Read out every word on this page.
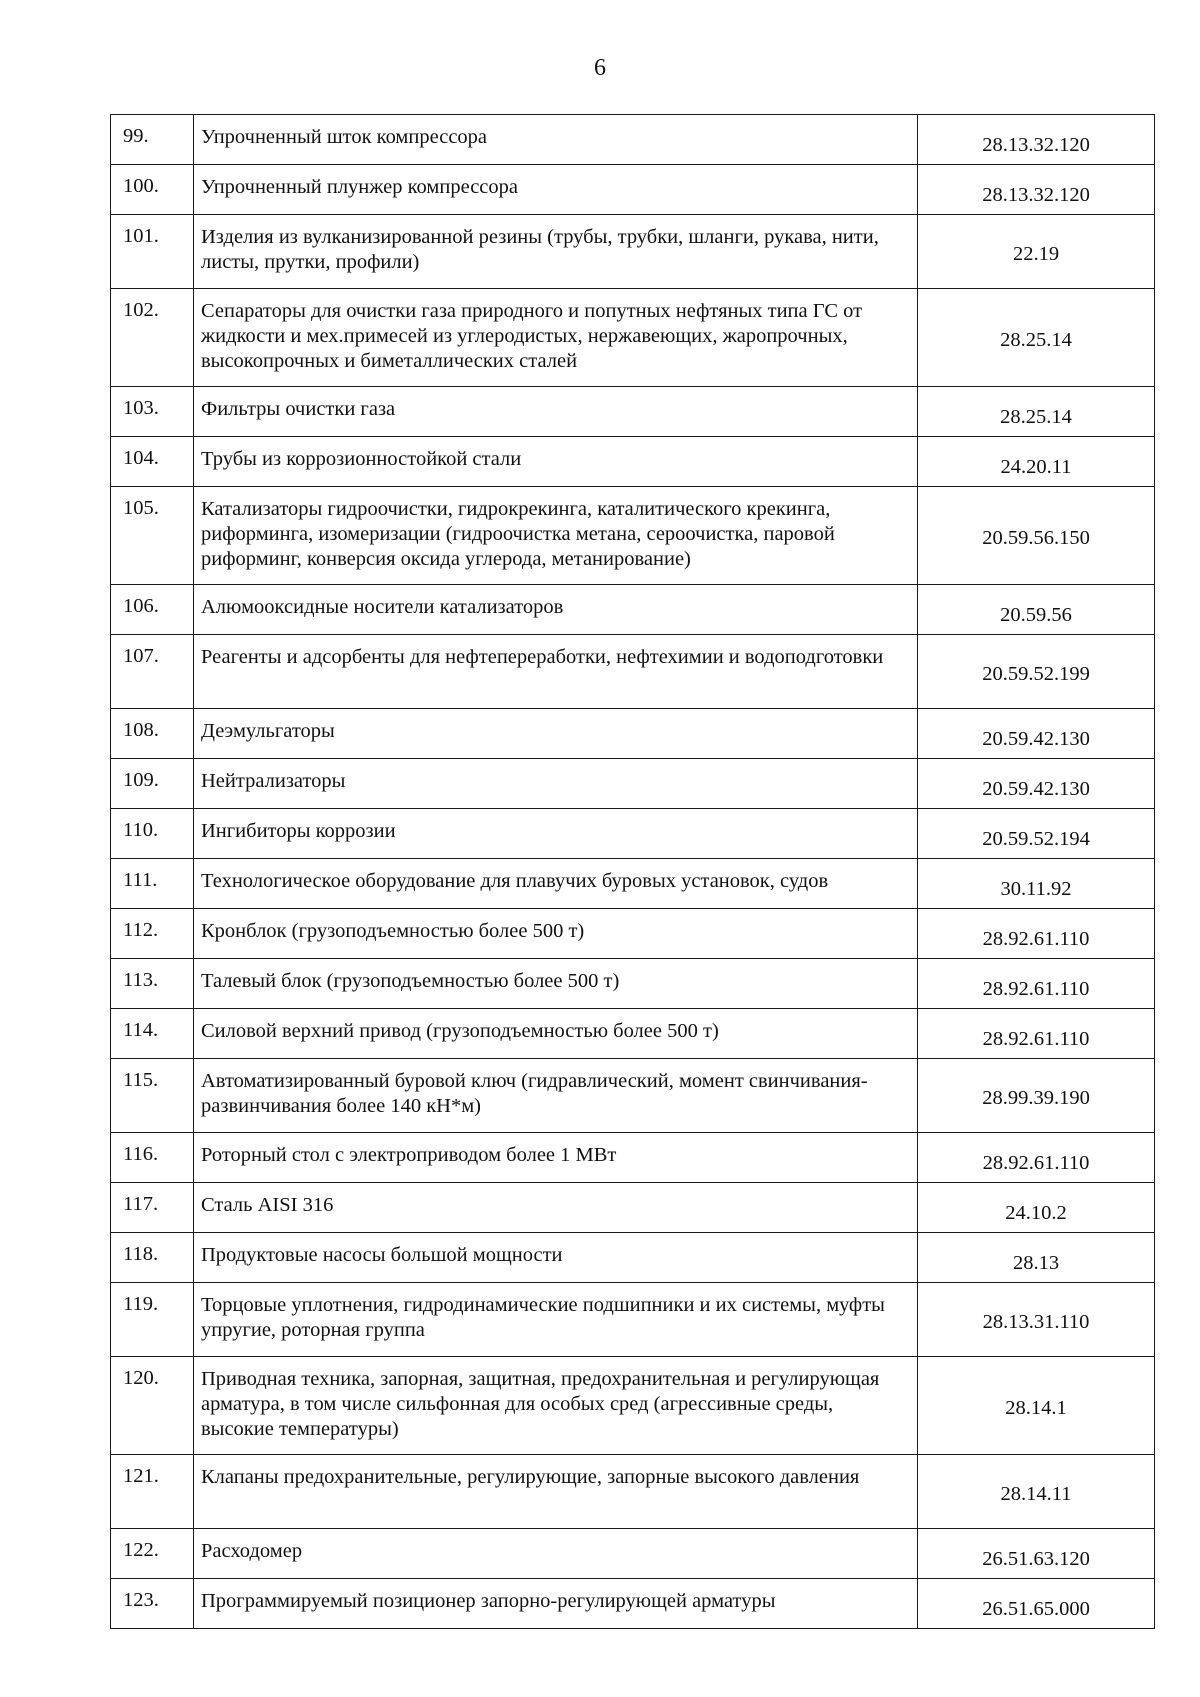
6
99.	Упрочненный шток компрессора	28.13.32.120
100.	Упрочненный плунжер компрессора	28.13.32.120
101.	Изделия из вулканизированной резины (трубы, трубки, шланги, рукава, нити, листы, прутки, профили)	22.19
102.	Сепараторы для очистки газа природного и попутных нефтяных типа ГС от жидкости и мех.примесей из углеродистых, нержавеющих, жаропрочных, высокопрочных и биметаллических сталей	28.25.14
103.	Фильтры очистки газа	28.25.14
104.	Трубы из коррозионностойкой стали	24.20.11
105.	Катализаторы гидроочистки, гидрокрекинга, каталитического крекинга, риформинга, изомеризации (гидроочистка метана, сероочистка, паровой риформинг, конверсия оксида углерода, метанирование)	20.59.56.150
106.	Алюмооксидные носители катализаторов	20.59.56
107.	Реагенты и адсорбенты для нефтепереработки, нефтехимии и водоподготовки	20.59.52.199
108.	Деэмульгаторы	20.59.42.130
109.	Нейтрализаторы	20.59.42.130
110.	Ингибиторы коррозии	20.59.52.194
111.	Технологическое оборудование для плавучих буровых установок, судов	30.11.92
112.	Кронблок (грузоподъемностью более 500 т)	28.92.61.110
113.	Талевый блок (грузоподъемностью более 500 т)	28.92.61.110
114.	Силовой верхний привод (грузоподъемностью более 500 т)	28.92.61.110
115.	Автоматизированный буровой ключ (гидравлический, момент свинчивания-развинчивания более 140 кН*м)	28.99.39.190
116.	Роторный стол с электроприводом более 1 МВт	28.92.61.110
117.	Сталь AISI 316	24.10.2
118.	Продуктовые насосы большой мощности	28.13
119.	Торцовые уплотнения, гидродинамические подшипники и их системы, муфты упругие, роторная группа	28.13.31.110
120.	Приводная техника, запорная, защитная, предохранительная и регулирующая арматура, в том числе сильфонная для особых сред (агрессивные среды, высокие температуры)	28.14.1
121.	Клапаны предохранительные, регулирующие, запорные высокого давления	28.14.11
122.	Расходомер	26.51.63.120
123.	Программируемый позиционер запорно-регулирующей арматуры	26.51.65.000
